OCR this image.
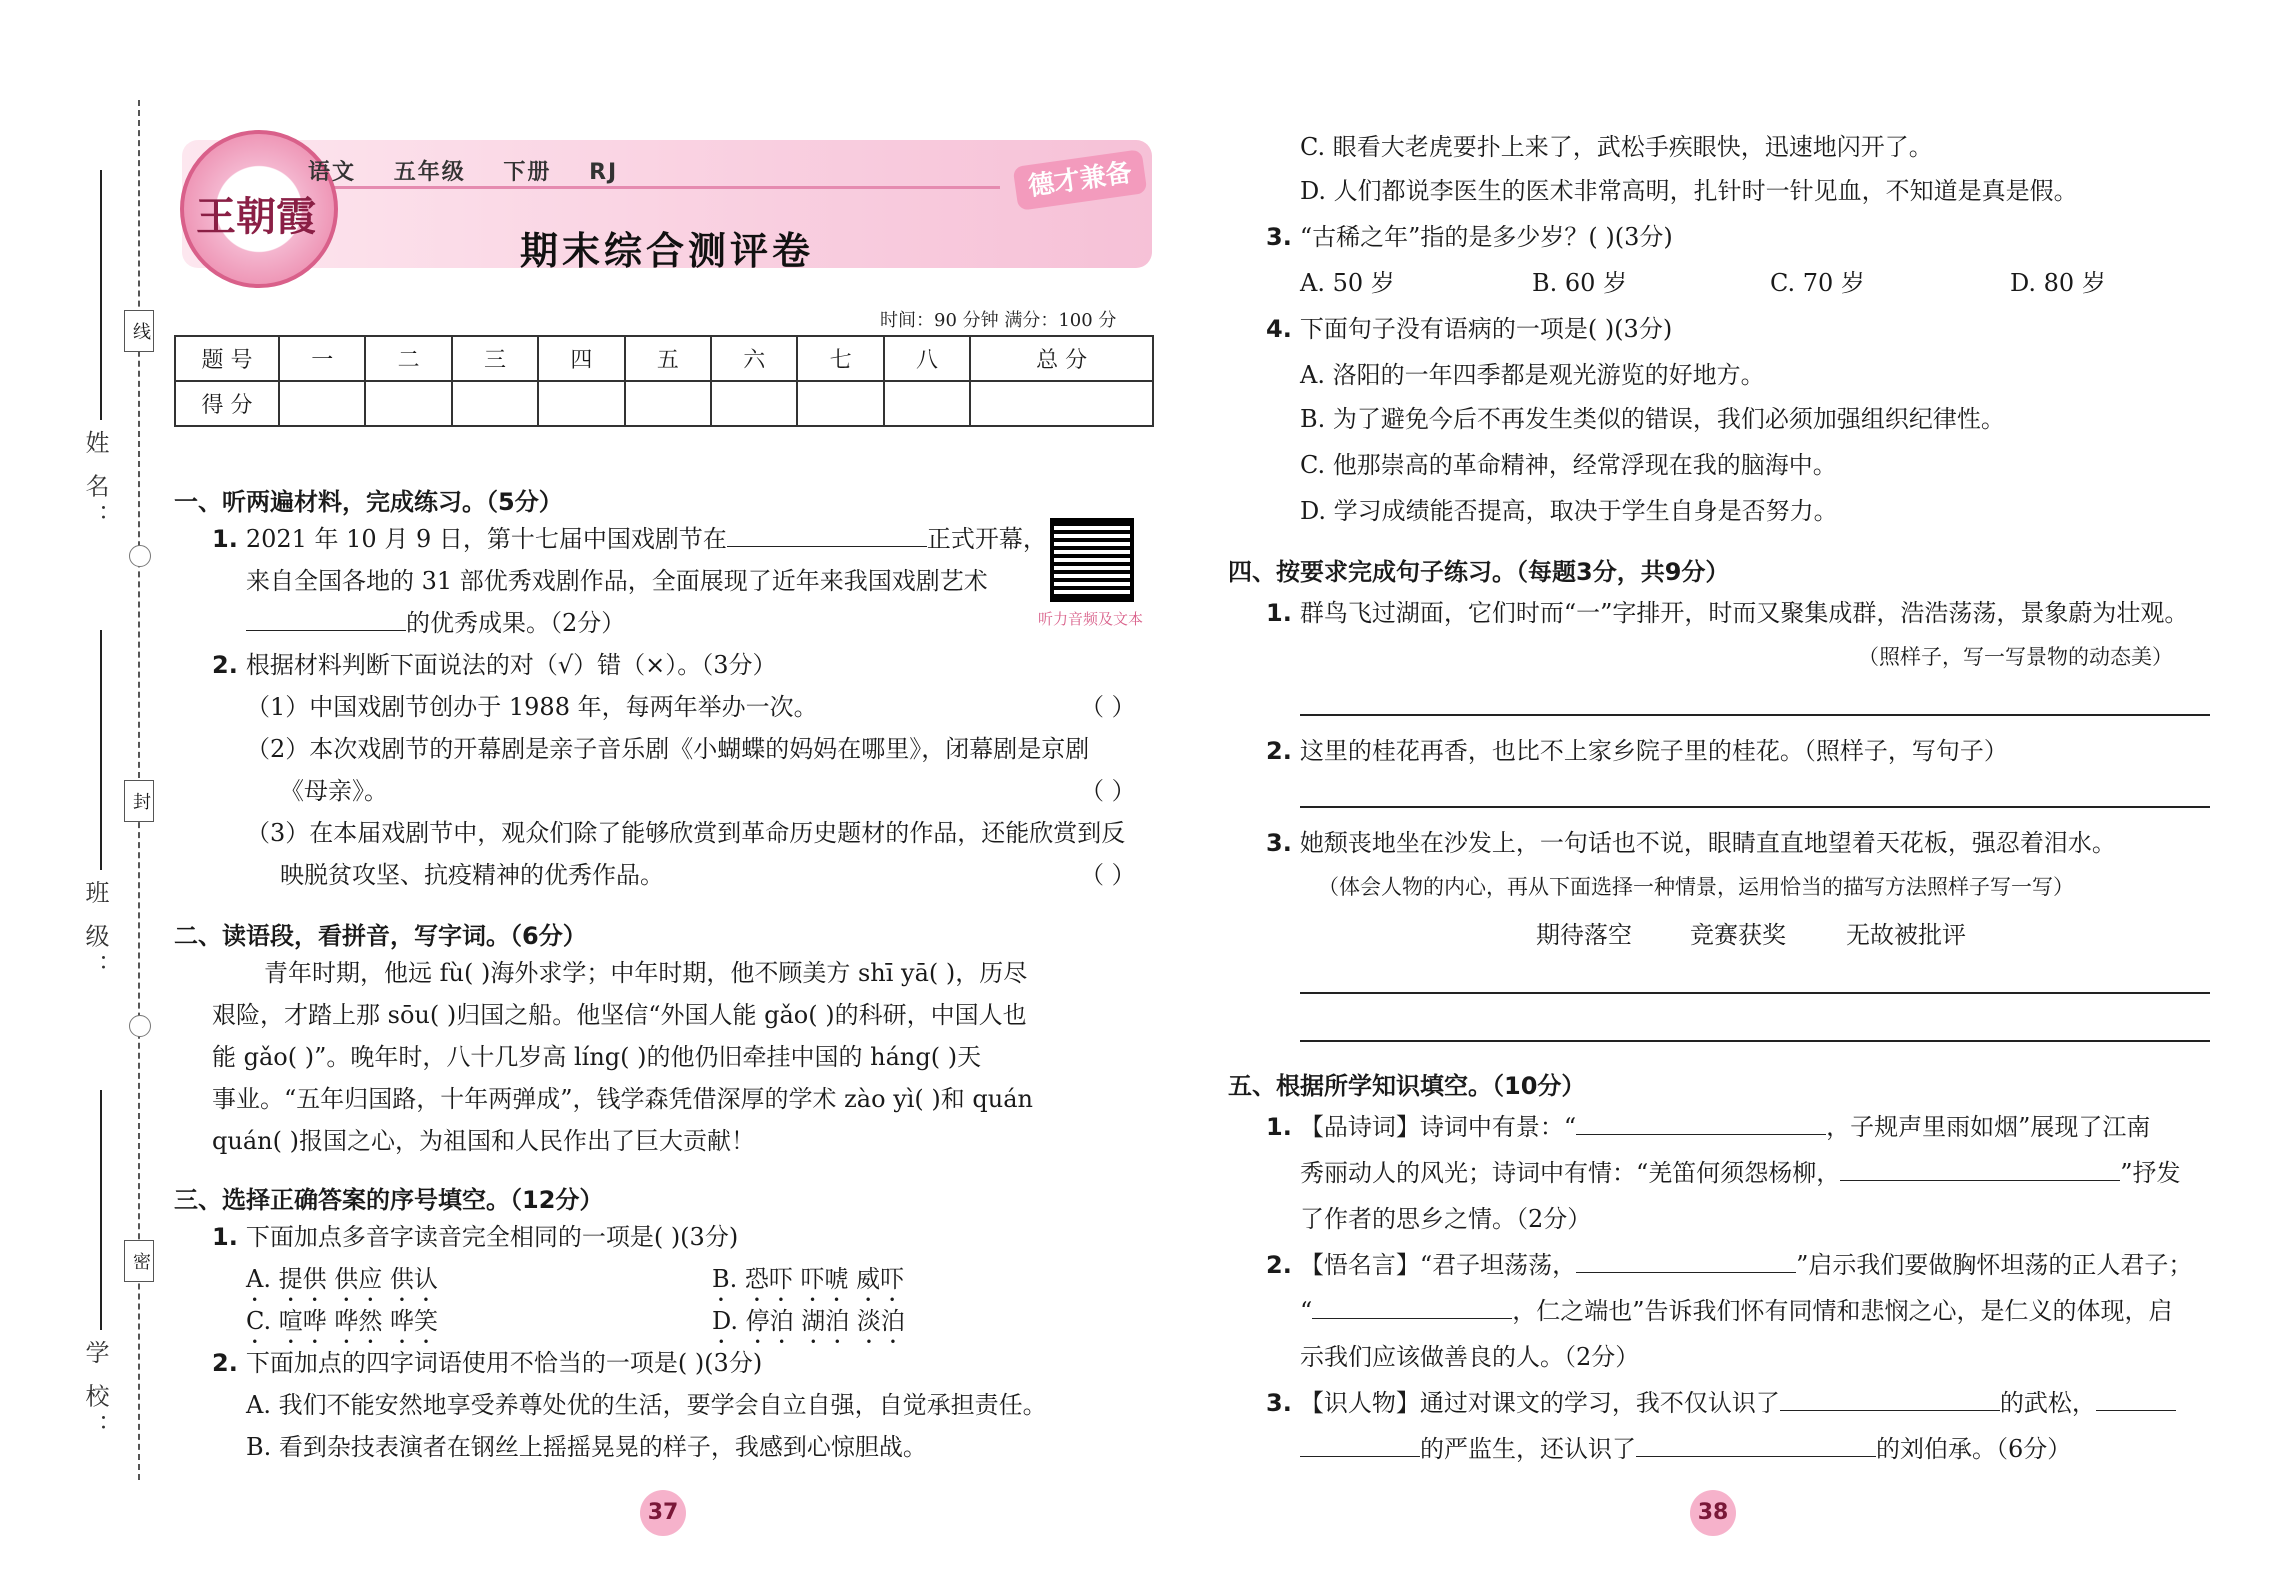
姓 名：
班 级：
学 校：
线
封
密
王朝霞
语文 五年级 下册 RJ	德才兼备
期末综合测评卷
时间：90 分钟 满分：100 分
题 号	一	二	三	四	五	六	七	八	总 分
得 分									
一、听两遍材料，完成练习。（5分）
1. 2021 年 10 月 9 日，第十七届中国戏剧节在	正式开幕，
来自全国各地的 31 部优秀戏剧作品，全面展现了近年来我国戏剧艺术
的优秀成果。（2分）	听力音频及文本
2. 根据材料判断下面说法的对（√）错（×）。（3分）
（1）中国戏剧节创办于 1988 年，每两年举办一次。	（ ）
（2）本次戏剧节的开幕剧是亲子音乐剧《小蝴蝶的妈妈在哪里》，闭幕剧是京剧
《母亲》。	（ ）
（3）在本届戏剧节中，观众们除了能够欣赏到革命历史题材的作品，还能欣赏到反
映脱贫攻坚、抗疫精神的优秀作品。	（ ）
二、读语段，看拼音，写字词。（6分）
青年时期，他远 fù( )海外求学；中年时期，他不顾美方 shī yā( )，历尽
艰险，才踏上那 sōu( )归国之船。他坚信“外国人能 gǎo( )的科研，中国人也
能 gǎo( )”。晚年时，八十几岁高 líng( )的他仍旧牵挂中国的 háng( )天
事业。“五年归国路，十年两弹成”，钱学森凭借深厚的学术 zào yì( )和 quán
quán( )报国之心，为祖国和人民作出了巨大贡献！
三、选择正确答案的序号填空。（12分）
1. 下面加点多音字读音完全相同的一项是( )(3分)
A. 提供 供应 供认	B. 恐吓 吓唬 威吓
C. 喧哗 哗然 哗笑	D. 停泊 湖泊 淡泊
2. 下面加点的四字词语使用不恰当的一项是( )(3分)
A. 我们不能安然地享受养尊处优的生活，要学会自立自强，自觉承担责任。
B. 看到杂技表演者在钢丝上摇摇晃晃的样子，我感到心惊胆战。
37
C. 眼看大老虎要扑上来了，武松手疾眼快，迅速地闪开了。
D. 人们都说李医生的医术非常高明，扎针时一针见血，不知道是真是假。
3. “古稀之年”指的是多少岁？( )(3分)
A. 50 岁	B. 60 岁	C. 70 岁	D. 80 岁
4. 下面句子没有语病的一项是( )(3分)
A. 洛阳的一年四季都是观光游览的好地方。
B. 为了避免今后不再发生类似的错误，我们必须加强组织纪律性。
C. 他那崇高的革命精神，经常浮现在我的脑海中。
D. 学习成绩能否提高，取决于学生自身是否努力。
四、按要求完成句子练习。（每题3分，共9分）
1. 群鸟飞过湖面，它们时而“一”字排开，时而又聚集成群，浩浩荡荡，景象蔚为壮观。
（照样子，写一写景物的动态美）
2. 这里的桂花再香，也比不上家乡院子里的桂花。（照样子，写句子）
3. 她颓丧地坐在沙发上，一句话也不说，眼睛直直地望着天花板，强忍着泪水。
（体会人物的内心，再从下面选择一种情景，运用恰当的描写方法照样子写一写）
期待落空 竞赛获奖	无故被批评
五、根据所学知识填空。（10分）
1. 【品诗词】诗词中有景：“	，子规声里雨如烟”展现了江南
秀丽动人的风光；诗词中有情：“羌笛何须怨杨柳，	”抒发
了作者的思乡之情。（2分）
2. 【悟名言】“君子坦荡荡，	”启示我们要做胸怀坦荡的正人君子；
“	，仁之端也”告诉我们怀有同情和悲悯之心，是仁义的体现，启
示我们应该做善良的人。（2分）
3. 【识人物】通过对课文的学习，我不仅认识了	的武松，
的严监生，还认识了	的刘伯承。（6分）
38
